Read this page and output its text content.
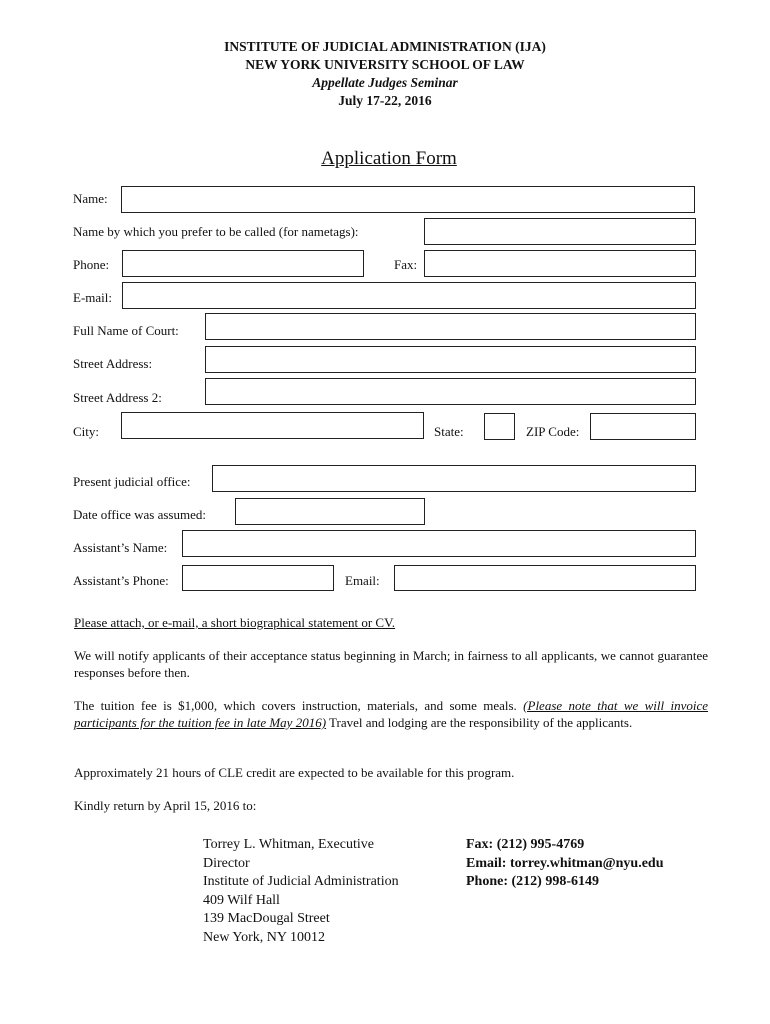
INSTITUTE OF JUDICIAL ADMINISTRATION (IJA)
NEW YORK UNIVERSITY SCHOOL OF LAW
Appellate Judges Seminar
July 17-22, 2016
Application Form
Name:
Name by which you prefer to be called (for nametags):
Phone:	Fax:
E-mail:
Full Name of Court:
Street Address:
Street Address 2:
City:	State:	ZIP Code:
Present judicial office:
Date office was assumed:
Assistant’s Name:
Assistant’s Phone:	Email:
Please attach, or e-mail, a short biographical statement or CV.
We will notify applicants of their acceptance status beginning in March; in fairness to all applicants, we cannot guarantee responses before then.
The tuition fee is $1,000, which covers instruction, materials, and some meals. (Please note that we will invoice participants for the tuition fee in late May 2016) Travel and lodging are the responsibility of the applicants.
Approximately 21 hours of CLE credit are expected to be available for this program.
Kindly return by April 15, 2016 to:
Torrey L. Whitman, Executive
Director
Institute of Judicial Administration
409 Wilf Hall
139 MacDougal Street
New York, NY 10012
Fax: (212) 995-4769
Email: torrey.whitman@nyu.edu
Phone: (212) 998-6149
